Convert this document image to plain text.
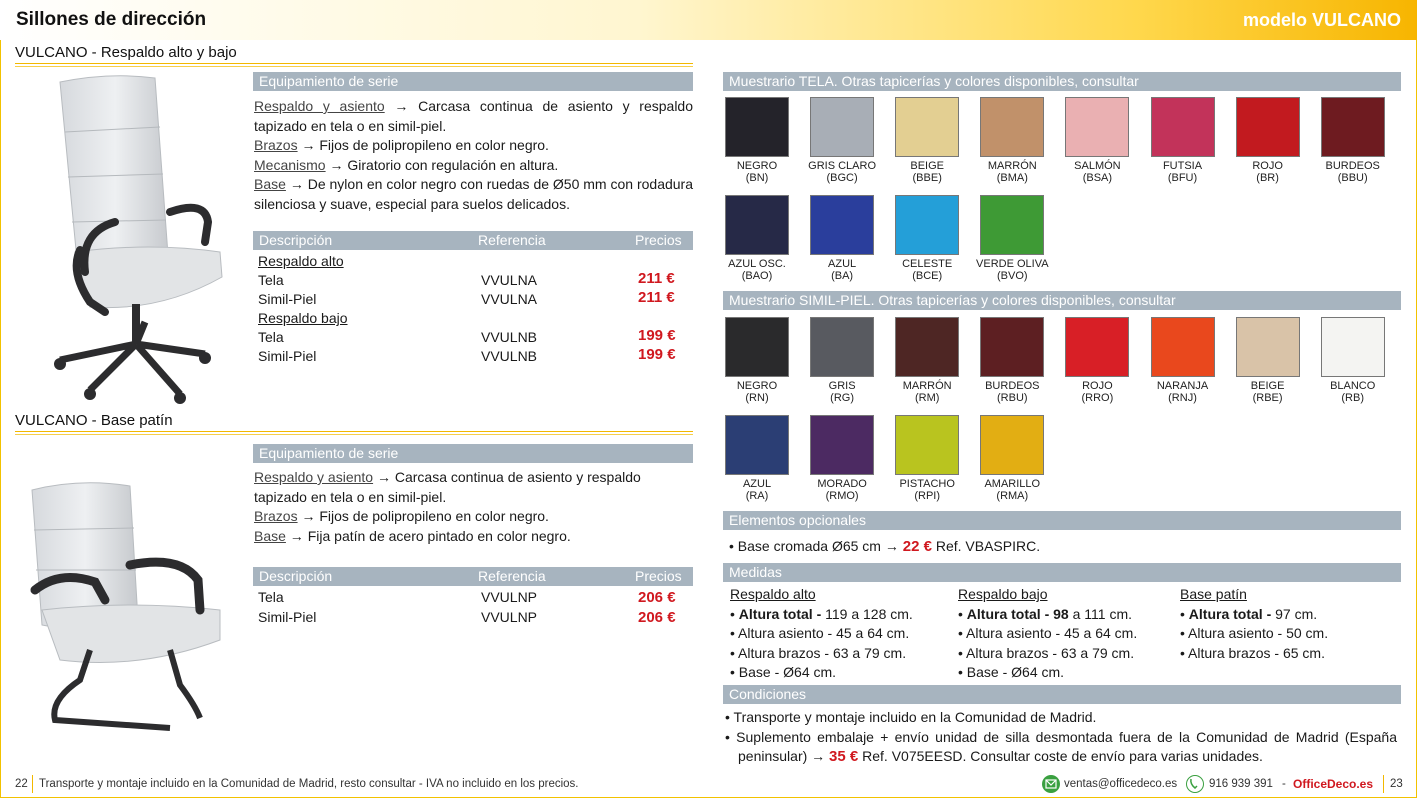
Sillones de dirección	modelo VULCANO
VULCANO - Respaldo alto y bajo
Equipamiento de serie
Respaldo y asiento → Carcasa continua de asiento y respaldo tapizado en tela o en simil-piel.
Brazos → Fijos de polipropileno en color negro.
Mecanismo → Giratorio con regulación en altura.
Base → De nylon en color negro con ruedas de Ø50 mm con rodadura silenciosa y suave, especial para suelos delicados.
Descripción	Referencia	Precios
Respaldo alto
Tela	VVULNA	211 €
Simil-Piel	VVULNA	211 €
Respaldo bajo
Tela	VVULNB	199 €
Simil-Piel	VVULNB	199 €
VULCANO - Base patín
Equipamiento de serie
Respaldo y asiento → Carcasa continua de asiento y respaldo tapizado en tela o en simil-piel.
Brazos → Fijos de polipropileno en color negro.
Base → Fija patín de acero pintado en color negro.
Descripción	Referencia	Precios
Tela	VVULNP	206 €
Simil-Piel	VVULNP	206 €
Muestrario TELA. Otras tapicerías y colores disponibles, consultar
NEGRO
(BN)
GRIS CLARO
(BGC)
BEIGE
(BBE)
MARRÓN
(BMA)
SALMÓN
(BSA)
FUTSIA
(BFU)
ROJO
(BR)
BURDEOS
(BBU)
AZUL OSC.
(BAO)
AZUL
(BA)
CELESTE
(BCE)
VERDE OLIVA
(BVO)
Muestrario SIMIL-PIEL. Otras tapicerías y colores disponibles, consultar
NEGRO
(RN)
GRIS
(RG)
MARRÓN
(RM)
BURDEOS
(RBU)
ROJO
(RRO)
NARANJA
(RNJ)
BEIGE
(RBE)
BLANCO
(RB)
AZUL
(RA)
MORADO
(RMO)
PISTACHO
(RPI)
AMARILLO
(RMA)
Elementos opcionales
• Base cromada Ø65 cm → 22 € Ref. VBASPIRC.
Medidas
Respaldo alto
• Altura total - 119 a 128 cm.
• Altura asiento - 45 a 64 cm.
• Altura brazos - 63 a 79 cm.
• Base - Ø64 cm.
Respaldo bajo
• Altura total - 98 a 111 cm.
• Altura asiento - 45 a 64 cm.
• Altura brazos - 63 a 79 cm.
• Base - Ø64 cm.
Base patín
• Altura total - 97 cm.
• Altura asiento - 50 cm.
• Altura brazos - 65 cm.
Condiciones
• Transporte y montaje incluido en la Comunidad de Madrid.
• Suplemento embalaje + envío unidad de silla desmontada fuera de la Comunidad de Madrid (España peninsular) → 35 € Ref. V075EESD. Consultar coste de envío para varias unidades.
22 Transporte y montaje incluido en la Comunidad de Madrid, resto consultar - IVA no incluido en los precios.	ventas@officedeco.es	916 939 391 - OfficeDeco.es 23
